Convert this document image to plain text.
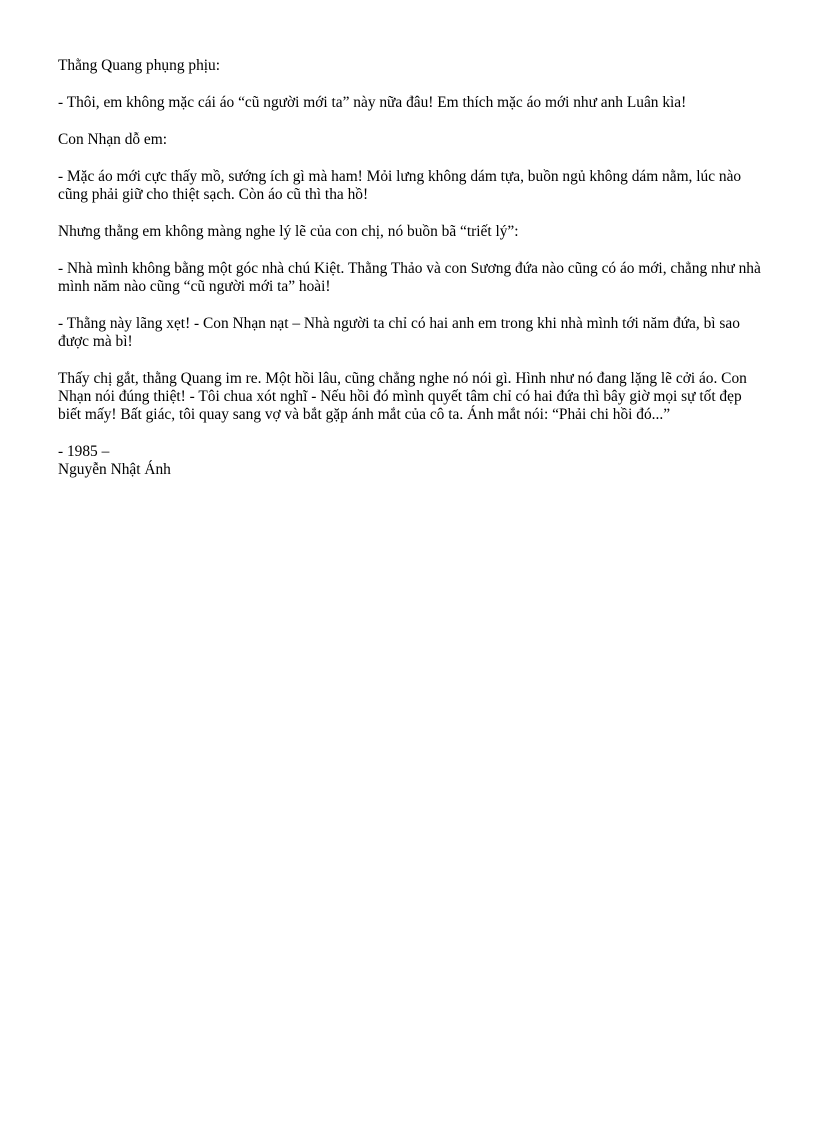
Thằng Quang phụng phịu:

- Thôi, em không mặc cái áo “cũ người mới ta” này nữa đâu! Em thích mặc áo mới như anh Luân kìa!

Con Nhạn dỗ em:

- Mặc áo mới cực thấy mồ, sướng ích gì mà ham! Mỏi lưng không dám tựa, buồn ngủ không dám nằm, lúc nào cũng phải giữ cho thiệt sạch. Còn áo cũ thì tha hồ!

Nhưng thằng em không màng nghe lý lẽ của con chị, nó buồn bã “triết lý”:

- Nhà mình không bằng một góc nhà chú Kiệt. Thằng Thảo và con Sương đứa nào cũng có áo mới, chẳng như nhà mình năm nào cũng “cũ người mới ta” hoài!

- Thằng này lãng xẹt! - Con Nhạn nạt – Nhà người ta chỉ có hai anh em trong khi nhà mình tới năm đứa, bì sao được mà bì!

Thấy chị gắt, thằng Quang im re. Một hồi lâu, cũng chẳng nghe nó nói gì. Hình như nó đang lặng lẽ cởi áo. Con Nhạn nói đúng thiệt! - Tôi chua xót nghĩ - Nếu hồi đó mình quyết tâm chỉ có hai đứa thì bây giờ mọi sự tốt đẹp biết mấy! Bất giác, tôi quay sang vợ và bắt gặp ánh mắt của cô ta. Ánh mắt nói: “Phải chi hồi đó...”

- 1985 –
Nguyễn Nhật Ánh
